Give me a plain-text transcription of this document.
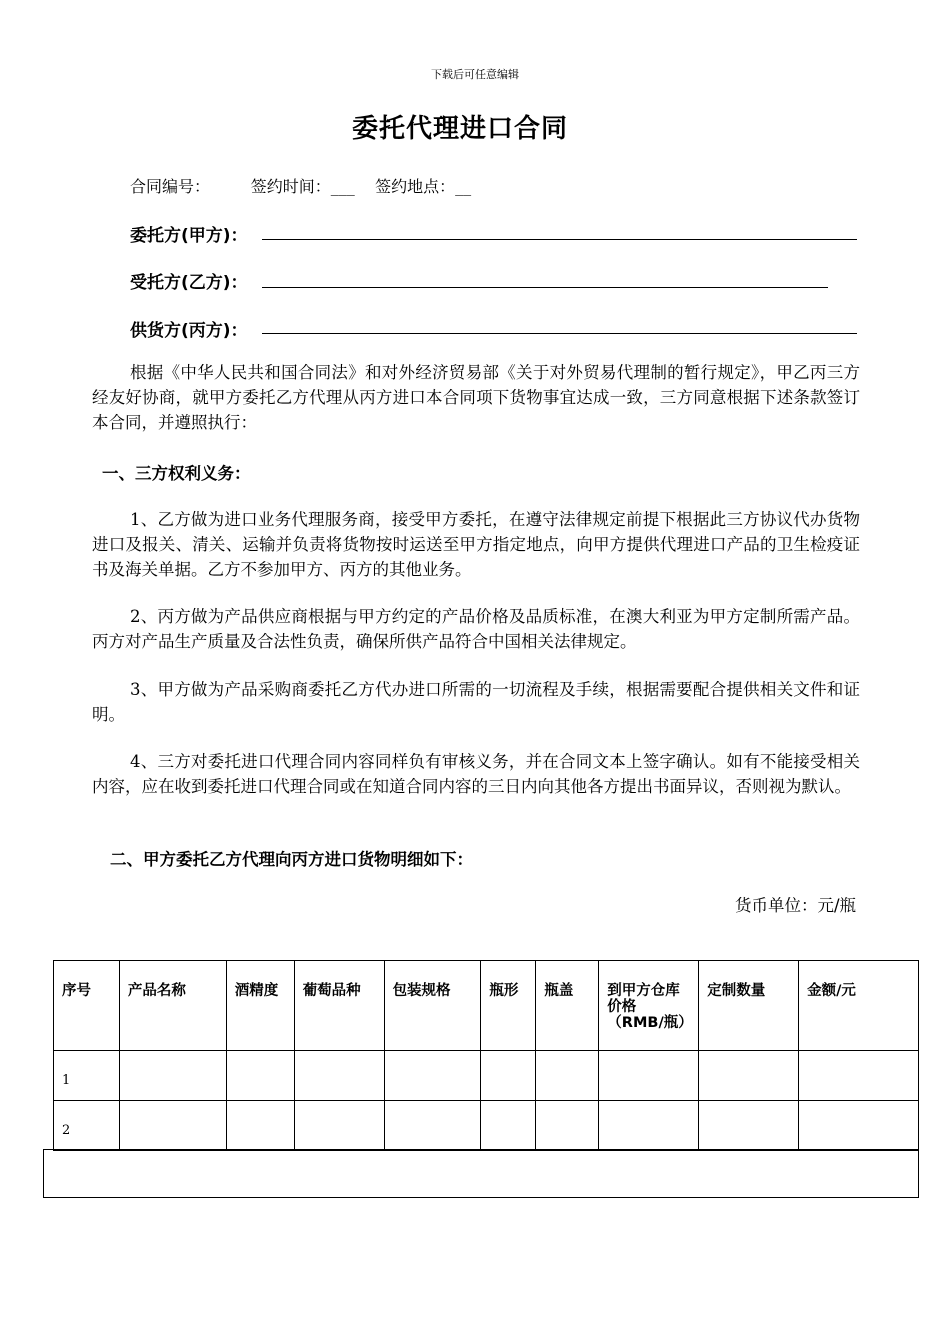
下载后可任意编辑
委托代理进口合同
合同编号：	签约时间：___ 签约地点：__
委托方(甲方)：
受托方(乙方)：
供货方(丙方)：
根据《中华人民共和国合同法》和对外经济贸易部《关于对外贸易代理制的暂行规定》，甲乙丙三方经友好协商，就甲方委托乙方代理从丙方进口本合同项下货物事宜达成一致，三方同意根据下述条款签订本合同，并遵照执行：
一、三方权利义务：
1、乙方做为进口业务代理服务商，接受甲方委托，在遵守法律规定前提下根据此三方协议代办货物进口及报关、清关、运输并负责将货物按时运送至甲方指定地点，向甲方提供代理进口产品的卫生检疫证书及海关单据。乙方不参加甲方、丙方的其他业务。
2、丙方做为产品供应商根据与甲方约定的产品价格及品质标准，在澳大利亚为甲方定制所需产品。丙方对产品生产质量及合法性负责，确保所供产品符合中国相关法律规定。
3、甲方做为产品采购商委托乙方代办进口所需的一切流程及手续，根据需要配合提供相关文件和证明。
4、三方对委托进口代理合同内容同样负有审核义务，并在合同文本上签字确认。如有不能接受相关内容，应在收到委托进口代理合同或在知道合同内容的三日内向其他各方提出书面异议，否则视为默认。
二、甲方委托乙方代理向丙方进口货物明细如下：
货币单位：元/瓶
序号	产品名称	酒精度	葡萄品种	包装规格	瓶形	瓶盖	到甲方仓库价格（RMB/瓶）	定制数量	金额/元

1									

2									
